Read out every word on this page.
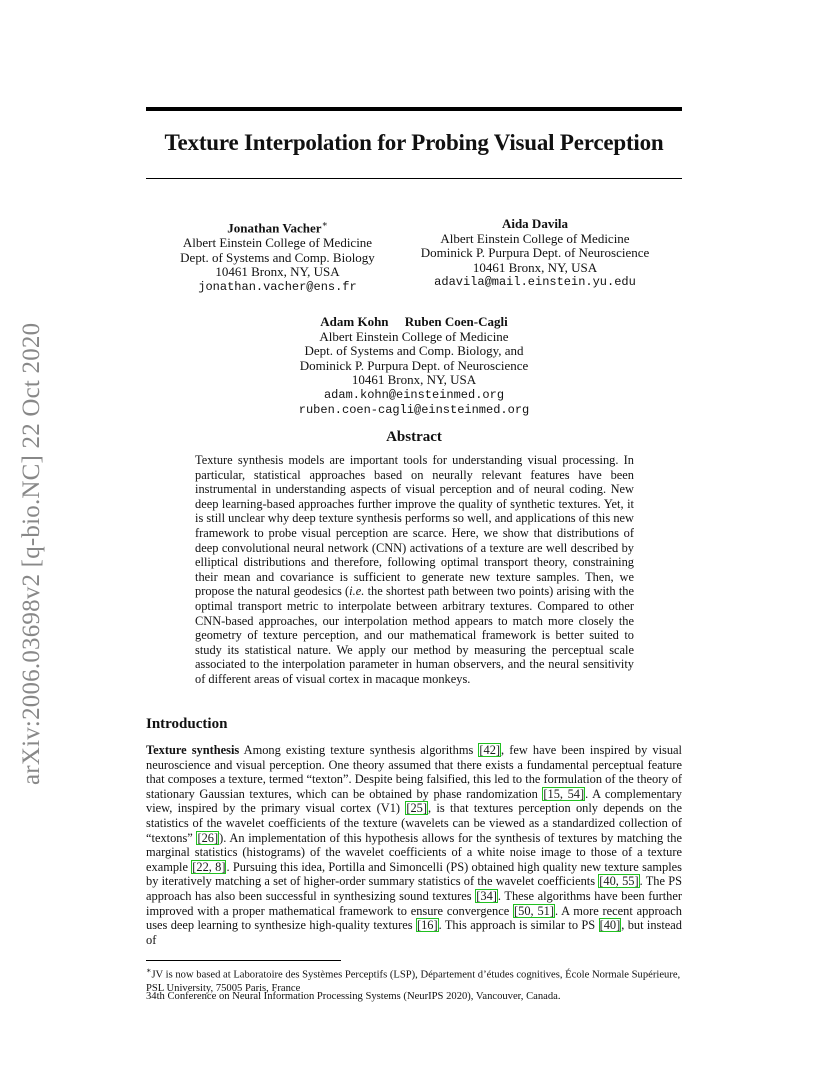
arXiv:2006.03698v2 [q-bio.NC] 22 Oct 2020
Texture Interpolation for Probing Visual Perception
Jonathan Vacher∗
Albert Einstein College of Medicine
Dept. of Systems and Comp. Biology
10461 Bronx, NY, USA
jonathan.vacher@ens.fr
Aida Davila
Albert Einstein College of Medicine
Dominick P. Purpura Dept. of Neuroscience
10461 Bronx, NY, USA
adavila@mail.einstein.yu.edu
Adam Kohn     Ruben Coen-Cagli
Albert Einstein College of Medicine
Dept. of Systems and Comp. Biology, and
Dominick P. Purpura Dept. of Neuroscience
10461 Bronx, NY, USA
adam.kohn@einsteinmed.org
ruben.coen-cagli@einsteinmed.org
Abstract
Texture synthesis models are important tools for understanding visual processing. In particular, statistical approaches based on neurally relevant features have been instrumental in understanding aspects of visual perception and of neural coding. New deep learning-based approaches further improve the quality of synthetic textures. Yet, it is still unclear why deep texture synthesis performs so well, and applications of this new framework to probe visual perception are scarce. Here, we show that distributions of deep convolutional neural network (CNN) activations of a texture are well described by elliptical distributions and therefore, following optimal transport theory, constraining their mean and covariance is sufficient to generate new texture samples. Then, we propose the natural geodesics (i.e. the shortest path between two points) arising with the optimal transport metric to interpolate between arbitrary textures. Compared to other CNN-based approaches, our interpolation method appears to match more closely the geometry of texture perception, and our mathematical framework is better suited to study its statistical nature. We apply our method by measuring the perceptual scale associated to the interpolation parameter in human observers, and the neural sensitivity of different areas of visual cortex in macaque monkeys.
Introduction
Texture synthesis Among existing texture synthesis algorithms [42], few have been inspired by visual neuroscience and visual perception. One theory assumed that there exists a fundamental perceptual feature that composes a texture, termed “texton”. Despite being falsified, this led to the formulation of the theory of stationary Gaussian textures, which can be obtained by phase randomization [15, 54]. A complementary view, inspired by the primary visual cortex (V1) [25], is that textures perception only depends on the statistics of the wavelet coefficients of the texture (wavelets can be viewed as a standardized collection of “textons” [26]). An implementation of this hypothesis allows for the synthesis of textures by matching the marginal statistics (histograms) of the wavelet coefficients of a white noise image to those of a texture example [22, 8]. Pursuing this idea, Portilla and Simoncelli (PS) obtained high quality new texture samples by iteratively matching a set of higher-order summary statistics of the wavelet coefficients [40, 55]. The PS approach has also been successful in synthesizing sound textures [34]. These algorithms have been further improved with a proper mathematical framework to ensure convergence [50, 51]. A more recent approach uses deep learning to synthesize high-quality textures [16]. This approach is similar to PS [40], but instead of
∗JV is now based at Laboratoire des Systèmes Perceptifs (LSP), Département d’études cognitives, École Normale Supérieure, PSL University, 75005 Paris, France
34th Conference on Neural Information Processing Systems (NeurIPS 2020), Vancouver, Canada.
